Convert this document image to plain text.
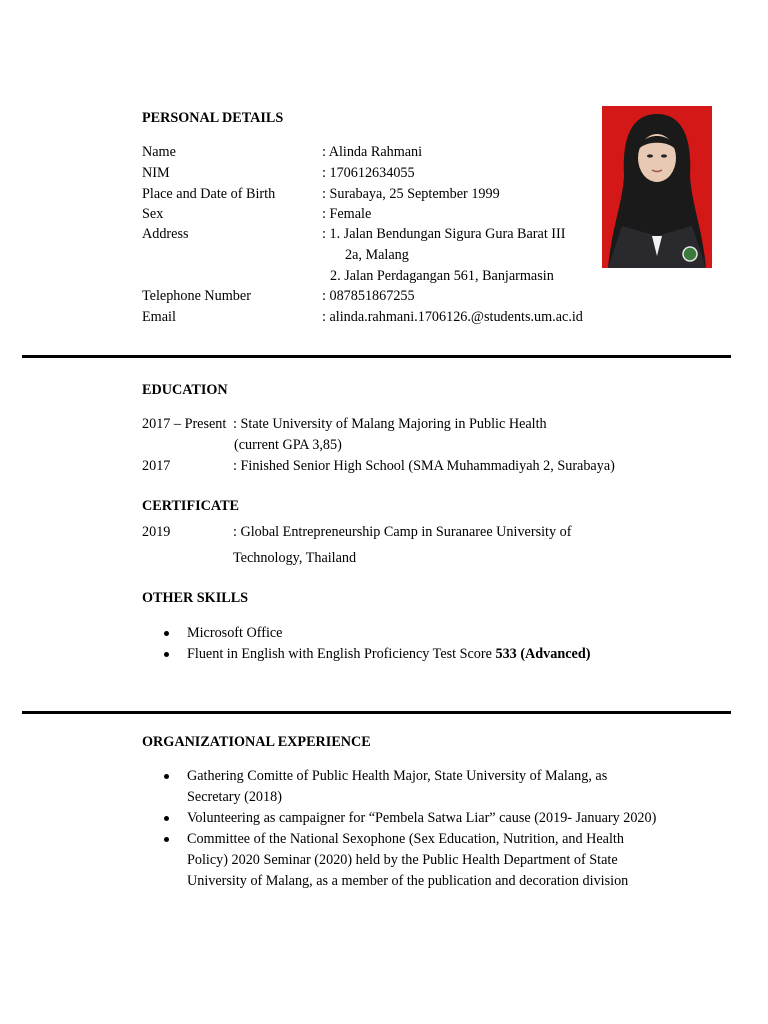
PERSONAL DETAILS
Name	: Alinda Rahmani
NIM	: 170612634055
Place and Date of Birth	: Surabaya, 25 September 1999
Sex	: Female
Address	: 1. Jalan Bendungan Sigura Gura Barat III
2a, Malang
2. Jalan Perdagangan 561, Banjarmasin
Telephone Number	: 087851867255
Email	: alinda.rahmani.1706126.@students.um.ac.id
EDUCATION
2017 – Present : State University of Malang Majoring in Public Health
(current GPA 3,85)
2017	: Finished Senior High School (SMA Muhammadiyah 2, Surabaya)
CERTIFICATE
2019	: Global Entrepreneurship Camp in Suranaree University of
Technology, Thailand
OTHER SKILLS
Microsoft Office
Fluent in English with English Proficiency Test Score 533 (Advanced)
ORGANIZATIONAL EXPERIENCE
Gathering Comitte of Public Health Major, State University of Malang, as Secretary (2018)
Volunteering as campaigner for “Pembela Satwa Liar” cause (2019- January 2020)
Committee of the National Sexophone (Sex Education, Nutrition, and Health Policy) 2020 Seminar (2020) held by the Public Health Department of State University of Malang, as a member of the publication and decoration division
